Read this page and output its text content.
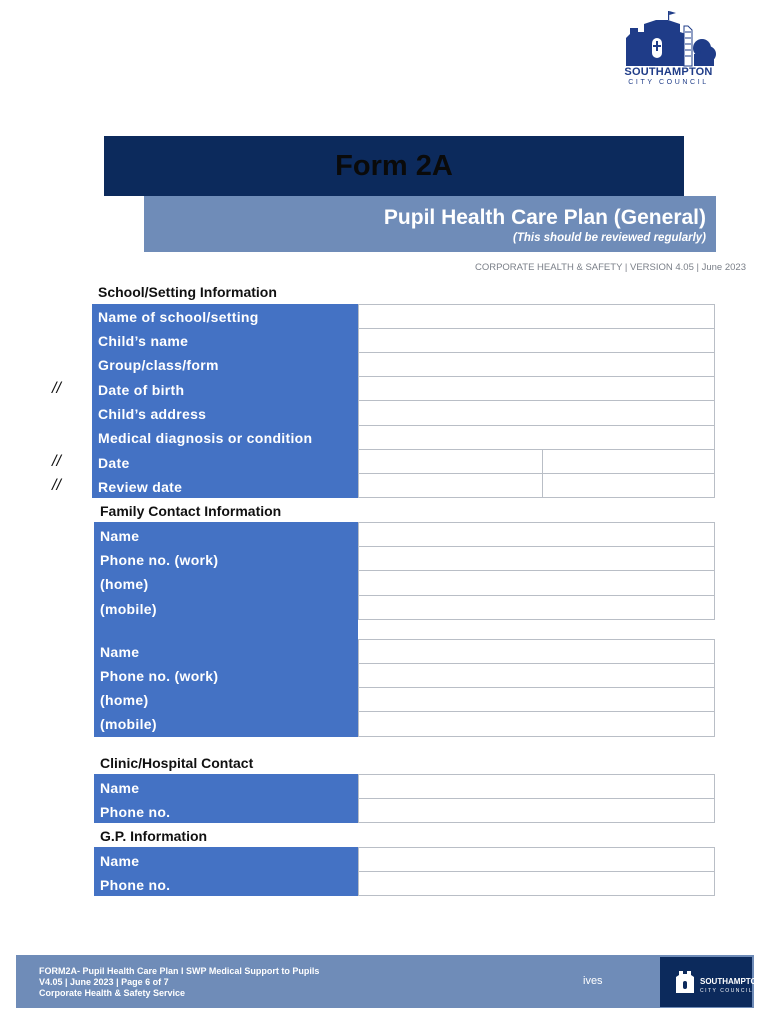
SOUTHAMPTON
CITY COUNCIL
Form 2A
Pupil Health Care Plan (General)
(This should be reviewed regularly)
CORPORATE HEALTH & SAFETY | VERSION 4.05 | June 2023
School/Setting Information
Name of school/setting
Child’s name
Group/class/form
Date of birth
Child’s address
Medical diagnosis or condition
Date
Review date
//
//
//
Family Contact Information
Name
Phone no. (work)
(home)
(mobile)
Name
Phone no. (work)
(home)
(mobile)
Clinic/Hospital Contact
Name
Phone no.
G.P. Information
Name
Phone no.
FORM2A- Pupil Health Care Plan I SWP Medical Support to Pupils
V4.05 | June 2023 | Page 6 of 7
Corporate Health & Safety Service
ives	SOUTHAMPTON
CITY COUNCIL
